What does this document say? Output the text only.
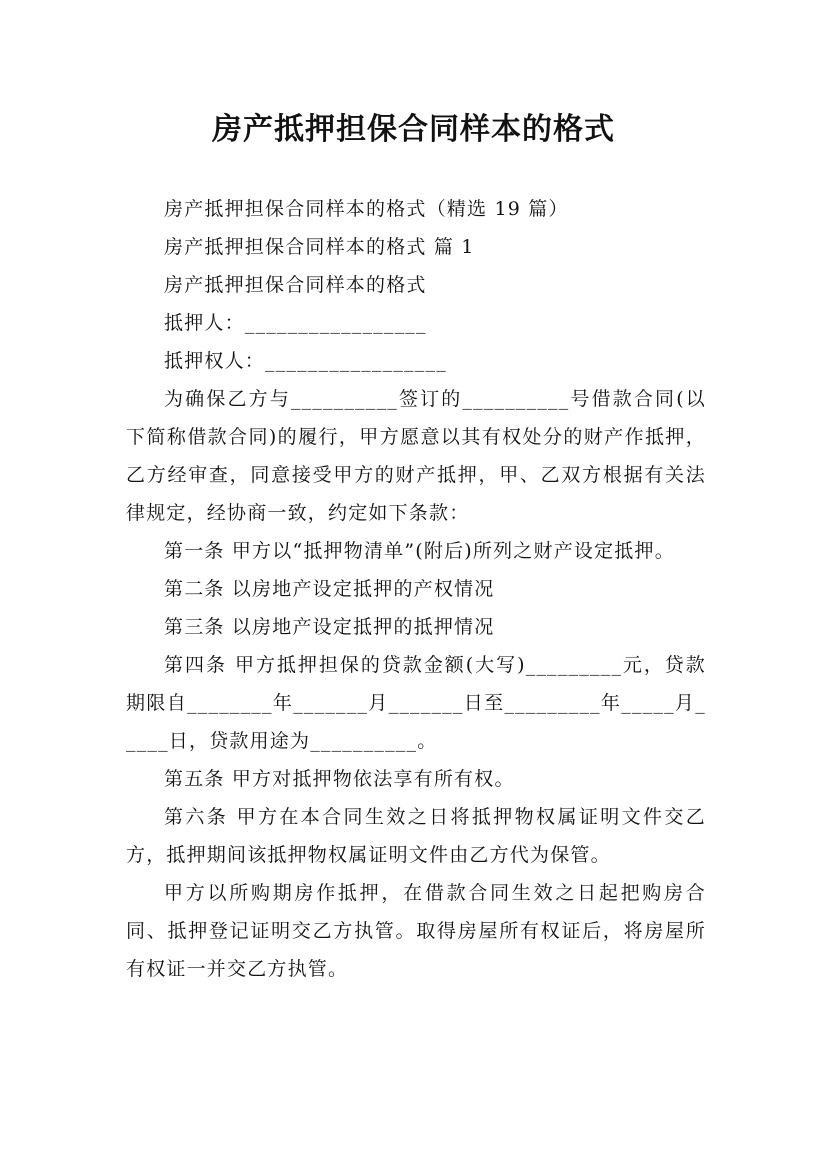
房产抵押担保合同样本的格式

房产抵押担保合同样本的格式（精选 19 篇）

房产抵押担保合同样本的格式 篇 1

房产抵押担保合同样本的格式

抵押人：_________________

抵押权人：_________________

为确保乙方与__________签订的__________号借款合同(以下简称借款合同)的履行，甲方愿意以其有权处分的财产作抵押，乙方经审查，同意接受甲方的财产抵押，甲、乙双方根据有关法律规定，经协商一致，约定如下条款：

第一条 甲方以“抵押物清单”(附后)所列之财产设定抵押。

第二条 以房地产设定抵押的产权情况

第三条 以房地产设定抵押的抵押情况

第四条 甲方抵押担保的贷款金额(大写)_________元，贷款期限自________年_______月_______日至_________年_____月_____日，贷款用途为__________。

第五条 甲方对抵押物依法享有所有权。

第六条 甲方在本合同生效之日将抵押物权属证明文件交乙方，抵押期间该抵押物权属证明文件由乙方代为保管。

甲方以所购期房作抵押，在借款合同生效之日起把购房合同、抵押登记证明交乙方执管。取得房屋所有权证后，将房屋所有权证一并交乙方执管。
